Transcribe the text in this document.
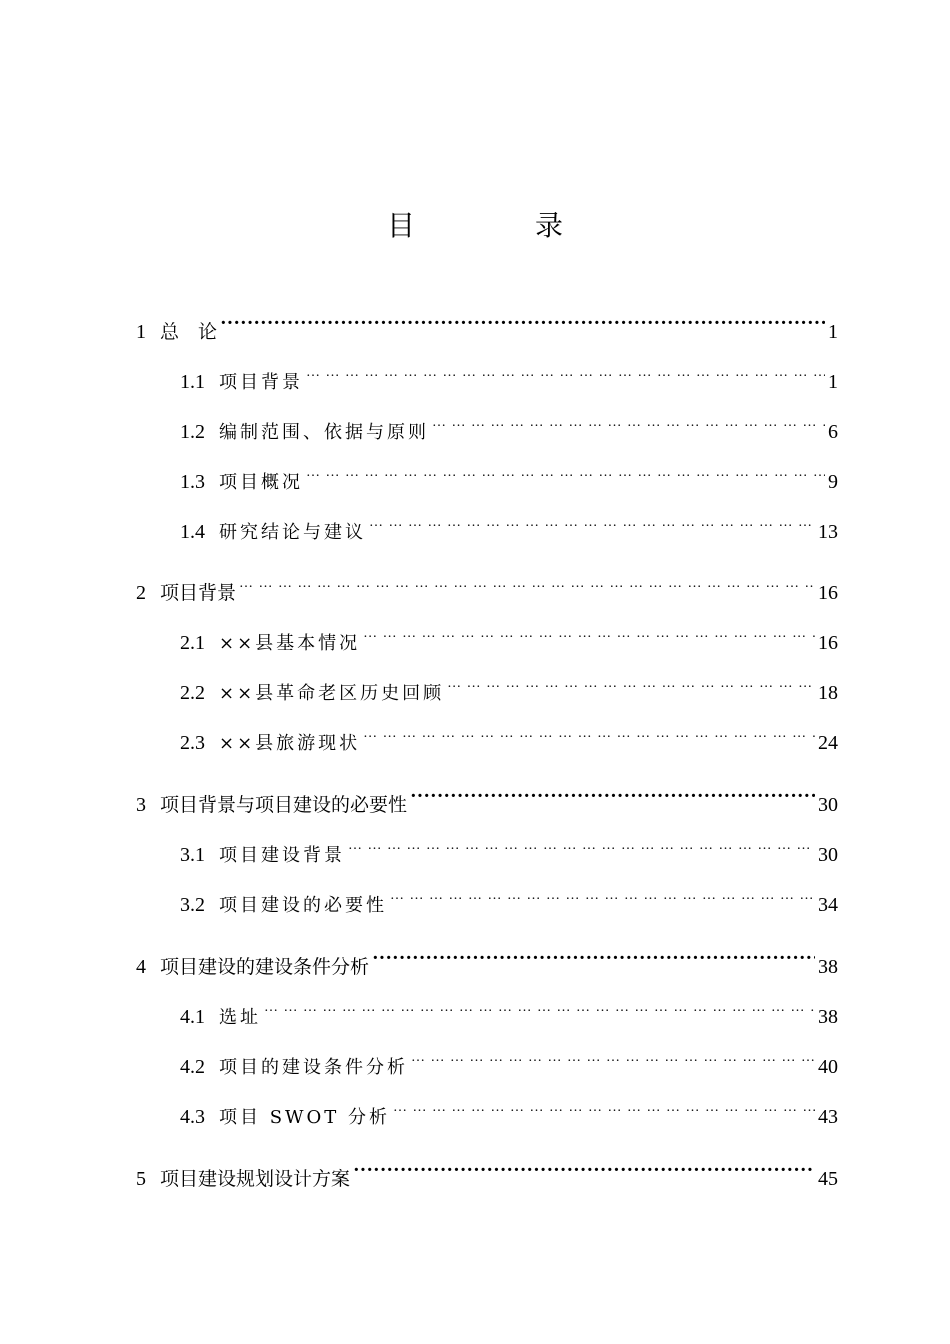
目　录
1 总　论 ·····	1
1.1 项目背景 … … … … … … … … … … … … … … … … … … … … … … … … … … … … … … … … … … … … … … … … … … … … … … … … … … … … … …	1
1.2 编制范围、依据与原则 … … … … … … … … … … … … … … … … … … … … … … … … … … … … … … … … … … … … … … … … … … … … … … … … … … … … … …	6
1.3 项目概况 … … … … … … … … … … … … … … … … … … … … … … … … … … … … … … … … … … … … … … … … … … … … … … … … … … … … … …	9
1.4 研究结论与建议 … … … … … … … … … … … … … … … … … … … … … … … … … … … … … … … … … … … … … … … … … … … … … … … … … … … … … …	13
2 项目背景 … … … … … … … … … … … … … … … … … … … … … … … … … … … … … … … … … … … … … … … … … … … … … … … … … … … … … …	16
2.1 ××县基本情况 … … … … … … … … … … … … … … … … … … … … … … … … … … … … … … … … … … … … … … … … … … … … … … … … … … … … … …	16
2.2 ××县革命老区历史回顾 … … … … … … … … … … … … … … … … … … … … … … … … … … … … … … … … … … … … … … … … … … … … … … … … … … … … … …	18
2.3 ××县旅游现状 … … … … … … … … … … … … … … … … … … … … … … … … … … … … … … … … … … … … … … … … … … … … … … … … … … … … … …	24
3 项目背景与项目建设的必要性 ·····	30
3.1 项目建设背景 … … … … … … … … … … … … … … … … … … … … … … … … … … … … … … … … … … … … … … … … … … … … … … … … … … … … … …	30
3.2 项目建设的必要性 … … … … … … … … … … … … … … … … … … … … … … … … … … … … … … … … … … … … … … … … … … … … … … … … … … … … … …	34
4 项目建设的建设条件分析 ·····	38
4.1 选址 … … … … … … … … … … … … … … … … … … … … … … … … … … … … … … … … … … … … … … … … … … … … … … … … … … … … … …	38
4.2 项目的建设条件分析 … … … … … … … … … … … … … … … … … … … … … … … … … … … … … … … … … … … … … … … … … … … … … … … … … … … … … …	40
4.3 项目 SWOT 分析 … … … … … … … … … … … … … … … … … … … … … … … … … … … … … … … … … … … … … … … … … … … … … … … … … … … … … …	43
5 项目建设规划设计方案 ·····	45
